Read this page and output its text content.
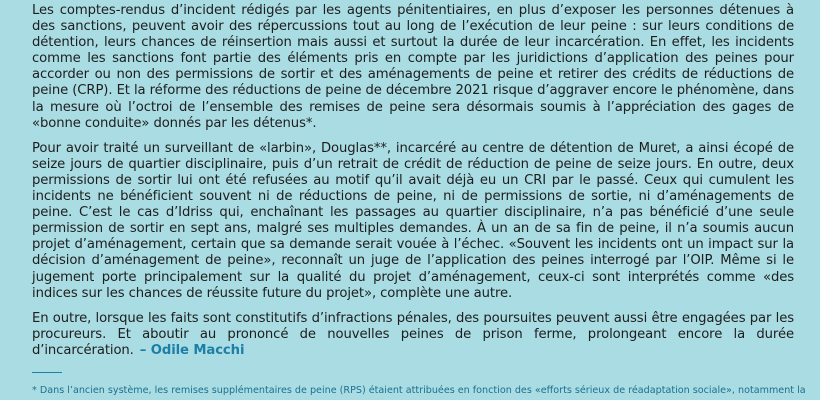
Les comptes-rendus d’incident rédigés par les agents pénitentiaires, en plus d’exposer les personnes détenues à des sanctions, peuvent avoir des répercussions tout au long de l’exécution de leur peine : sur leurs conditions de détention, leurs chances de réinsertion mais aussi et surtout la durée de leur incarcération. En effet, les incidents comme les sanctions font partie des éléments pris en compte par les juridictions d’application des peines pour accorder ou non des permissions de sortir et des aménagements de peine et retirer des crédits de réductions de peine (CRP). Et la réforme des réductions de peine de décembre 2021 risque d’aggraver encore le phénomène, dans la mesure où l’octroi de l’ensemble des remises de peine sera désormais soumis à l’appréciation des gages de «bonne conduite» donnés par les détenus*.

Pour avoir traité un surveillant de «larbin», Douglas**, incarcéré au centre de détention de Muret, a ainsi écopé de seize jours de quartier disciplinaire, puis d’un retrait de crédit de réduction de peine de seize jours. En outre, deux permissions de sortir lui ont été refusées au motif qu’il avait déjà eu un CRI par le passé. Ceux qui cumulent les incidents ne bénéficient souvent ni de réductions de peine, ni de permissions de sortie, ni d’aménagements de peine. C’est le cas d’Idriss qui, enchaînant les passages au quartier disciplinaire, n’a pas bénéficié d’une seule permission de sortir en sept ans, malgré ses multiples demandes. À un an de sa fin de peine, il n’a soumis aucun projet d’aménagement, certain que sa demande serait vouée à l’échec. «Souvent les incidents ont un impact sur la décision d’aménagement de peine», reconnaît un juge de l’application des peines interrogé par l’OIP. Même si le jugement porte principalement sur la qualité du projet d’aménagement, ceux-ci sont interprétés comme «des indices sur les chances de réussite future du projet», complète une autre.

En outre, lorsque les faits sont constitutifs d’infractions pénales, des poursuites peuvent aussi être engagées par les procureurs. Et aboutir au prononcé de nouvelles peines de prison ferme, prolongeant encore la durée d’incarcération. – Odile Macchi

* Dans l’ancien système, les remises supplémentaires de peine (RPS) étaient attribuées en fonction des «efforts sérieux de réadaptation sociale», notamment la
